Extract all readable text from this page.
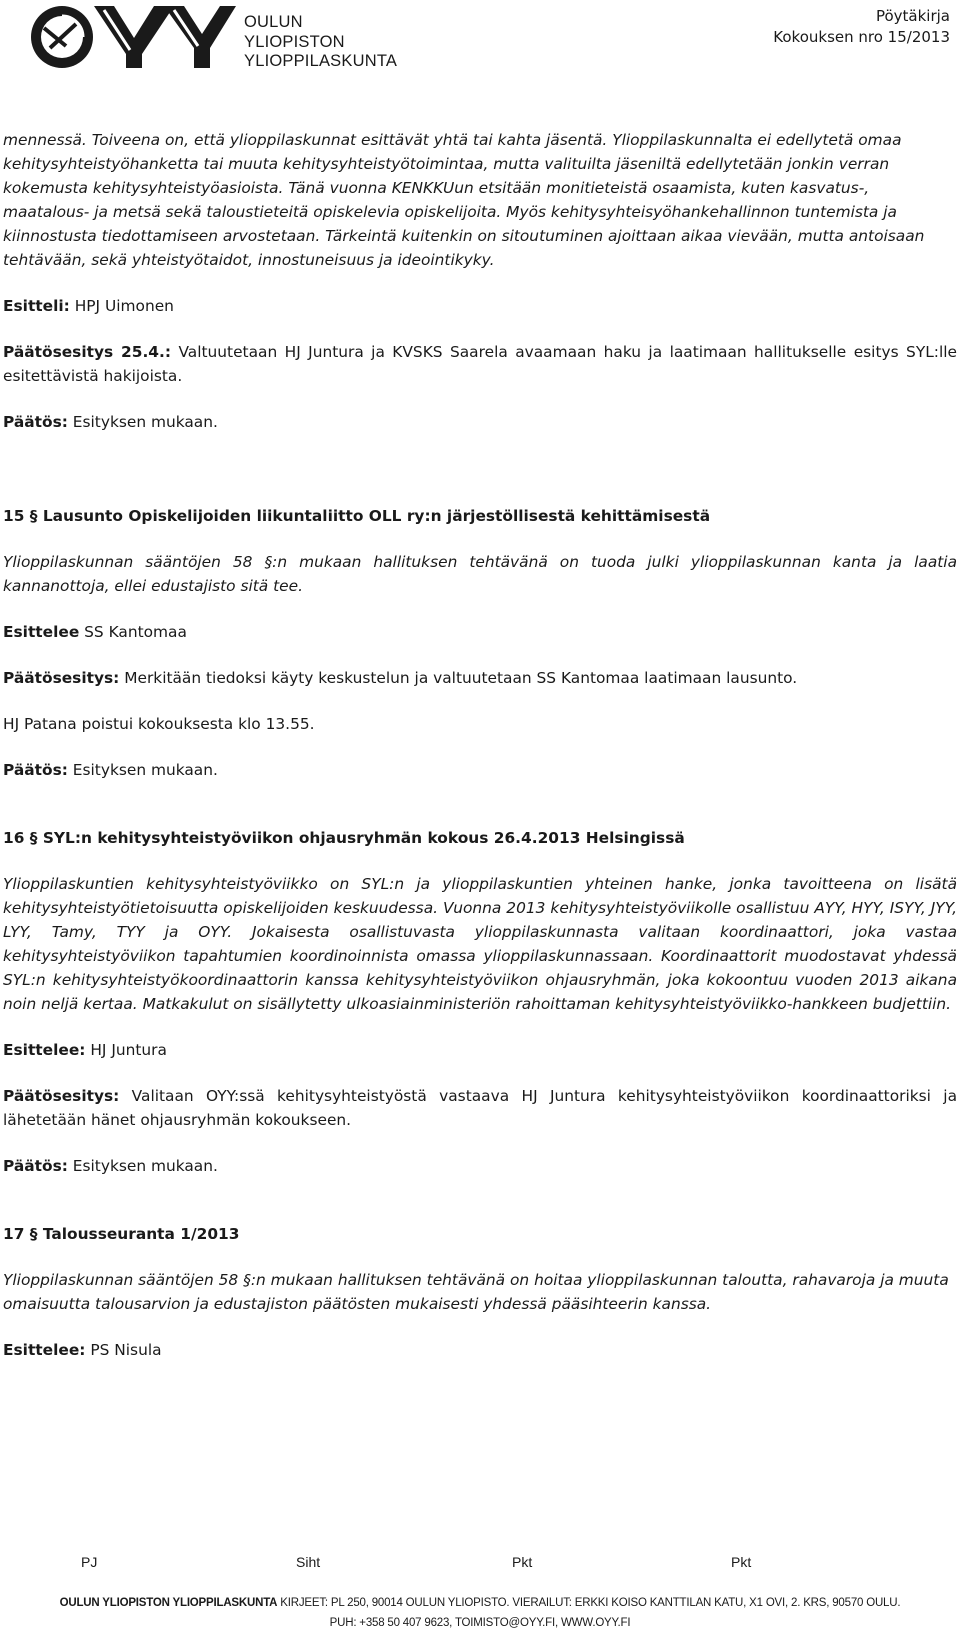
OULUN
YLIOPISTON
YLIOPPILASKUNTA
Pöytäkirja
Kokouksen nro 15/2013

mennessä. Toiveena on, että ylioppilaskunnat esittävät yhtä tai kahta jäsentä. Ylioppilaskunnalta ei edellytetä omaa kehitysyhteistyöhanketta tai muuta kehitysyhteistyötoimintaa, mutta valituilta jäseniltä edellytetään jonkin verran kokemusta kehitysyhteistyöasioista. Tänä vuonna KENKKUun etsitään monitieteistä osaamista, kuten kasvatus-, maatalous- ja metsä sekä taloustieteitä opiskelevia opiskelijoita. Myös kehitysyhteisyöhankehallinnon tuntemista ja kiinnostusta tiedottamiseen arvostetaan. Tärkeintä kuitenkin on sitoutuminen ajoittaan aikaa vievään, mutta antoisaan tehtävään, sekä yhteistyötaidot, innostuneisuus ja ideointikyky.

Esitteli: HPJ Uimonen

Päätösesitys 25.4.: Valtuutetaan HJ Juntura ja KVSKS Saarela avaamaan haku ja laatimaan hallitukselle esitys SYL:lle esitettävistä hakijoista.

Päätös: Esityksen mukaan.

15 § Lausunto Opiskelijoiden liikuntaliitto OLL ry:n järjestöllisestä kehittämisestä

Ylioppilaskunnan sääntöjen 58 §:n mukaan hallituksen tehtävänä on tuoda julki ylioppilaskunnan kanta ja laatia kannanottoja, ellei edustajisto sitä tee.

Esittelee SS Kantomaa

Päätösesitys: Merkitään tiedoksi käyty keskustelun ja valtuutetaan SS Kantomaa laatimaan lausunto.

HJ Patana poistui kokouksesta klo 13.55.

Päätös: Esityksen mukaan.

16 § SYL:n kehitysyhteistyöviikon ohjausryhmän kokous 26.4.2013 Helsingissä

Ylioppilaskuntien kehitysyhteistyöviikko on SYL:n ja ylioppilaskuntien yhteinen hanke, jonka tavoitteena on lisätä kehitysyhteistyötietoisuutta opiskelijoiden keskuudessa. Vuonna 2013 kehitysyhteistyöviikolle osallistuu AYY, HYY, ISYY, JYY, LYY, Tamy, TYY ja OYY. Jokaisesta osallistuvasta ylioppilaskunnasta valitaan koordinaattori, joka vastaa kehitysyhteistyöviikon tapahtumien koordinoinnista omassa ylioppilaskunnassaan. Koordinaattorit muodostavat yhdessä SYL:n kehitysyhteistyökoordinaattorin kanssa kehitysyhteistyöviikon ohjausryhmän, joka kokoontuu vuoden 2013 aikana noin neljä kertaa. Matkakulut on sisällytetty ulkoasiainministeriön rahoittaman kehitysyhteistyöviikko-hankkeen budjettiin.

Esittelee: HJ Juntura

Päätösesitys: Valitaan OYY:ssä kehitysyhteistyöstä vastaava HJ Juntura kehitysyhteistyöviikon koordinaattoriksi ja lähetetään hänet ohjausryhmän kokoukseen.

Päätös: Esityksen mukaan.

17 § Talousseuranta 1/2013

Ylioppilaskunnan sääntöjen 58 §:n mukaan hallituksen tehtävänä on hoitaa ylioppilaskunnan taloutta, rahavaroja ja muuta omaisuutta talousarvion ja edustajiston päätösten mukaisesti yhdessä pääsihteerin kanssa.

Esittelee: PS Nisula

PJ	Siht	Pkt	Pkt
OULUN YLIOPISTON YLIOPPILASKUNTA KIRJEET: PL 250, 90014 OULUN YLIOPISTO. VIERAILUT: ERKKI KOISO KANTTILAN KATU, X1 OVI, 2. KRS, 90570 OULU.
PUH: +358 50 407 9623, TOIMISTO@OYY.FI, WWW.OYY.FI
